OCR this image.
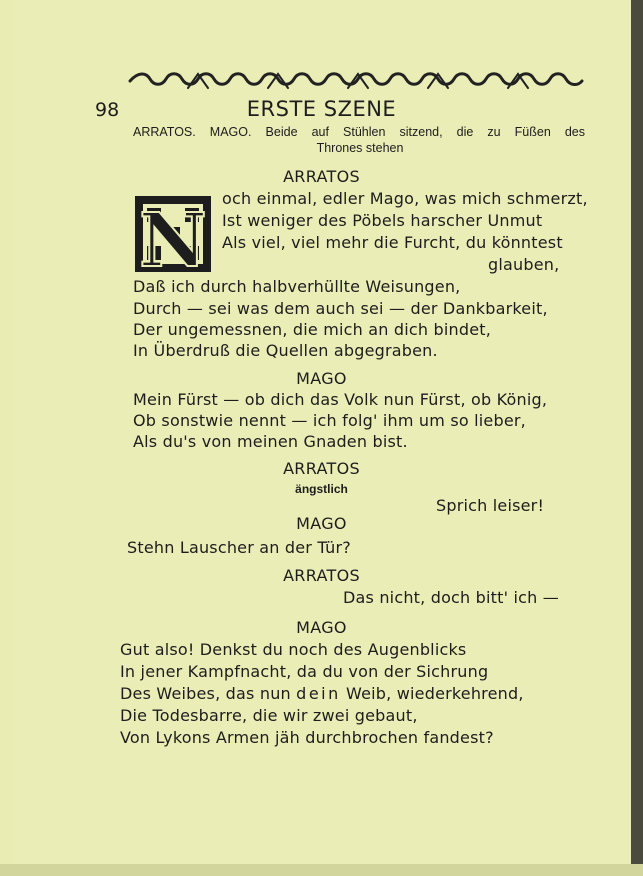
98	ERSTE SZENE
ARRATOS. MAGO. Beide auf Stühlen sitzend, die zu Füßen des
Thrones stehen
ARRATOS
N och einmal, edler Mago, was mich schmerzt,
Ist weniger des Pöbels harscher Unmut
Als viel, viel mehr die Furcht, du könntest
glauben,
Daß ich durch halbverhüllte Weisungen,
Durch — sei was dem auch sei — der Dankbarkeit,
Der ungemessnen, die mich an dich bindet,
In Überdruß die Quellen abgegraben.
MAGO
Mein Fürst — ob dich das Volk nun Fürst, ob König,
Ob sonstwie nennt — ich folg' ihm um so lieber,
Als du's von meinen Gnaden bist.
ARRATOS
ängstlich
Sprich leiser!
MAGO
Stehn Lauscher an der Tür?
ARRATOS
Das nicht, doch bitt' ich —
MAGO
Gut also! Denkst du noch des Augenblicks
In jener Kampfnacht, da du von der Sichrung
Des Weibes, das nun dein Weib, wiederkehrend,
Die Todesbarre, die wir zwei gebaut,
Von Lykons Armen jäh durchbrochen fandest?
